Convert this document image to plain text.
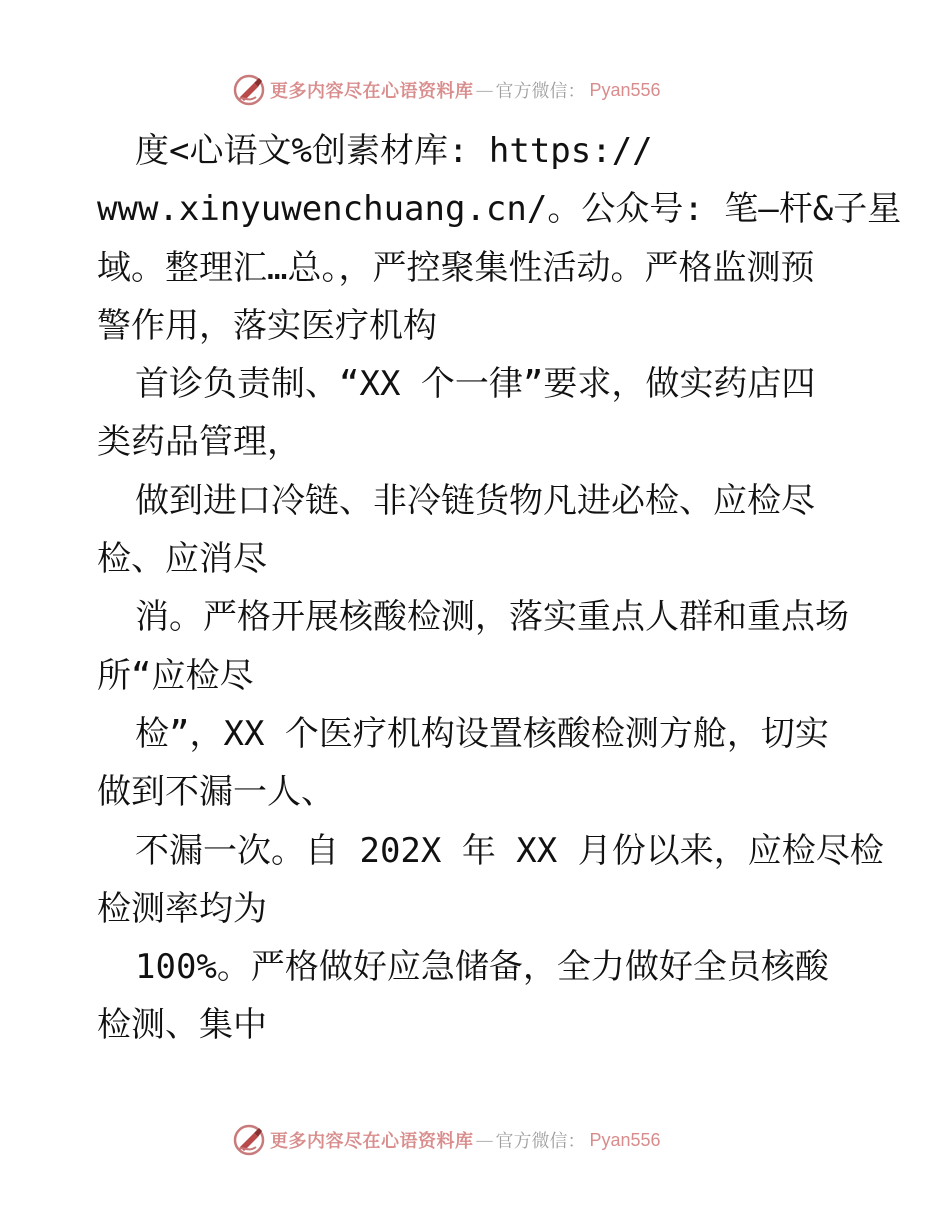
更多内容尽在心语资料库 — 官方微信： Pyan556
度<心语文%创素材库: https://
www.xinyuwenchuang.cn/。公众号: 笔—杆&子星
域。整理汇…总。，严控聚集性活动。严格监测预
警作用，落实医疗机构
首诊负责制、“XX 个一律”要求，做实药店四
类药品管理，
做到进口冷链、非冷链货物凡进必检、应检尽
检、应消尽
消。严格开展核酸检测，落实重点人群和重点场
所“应检尽
检”，XX 个医疗机构设置核酸检测方舱，切实
做到不漏一人、
不漏一次。自 202X 年 XX 月份以来，应检尽检
检测率均为
100%。严格做好应急储备，全力做好全员核酸
检测、集中
更多内容尽在心语资料库 — 官方微信： Pyan556
